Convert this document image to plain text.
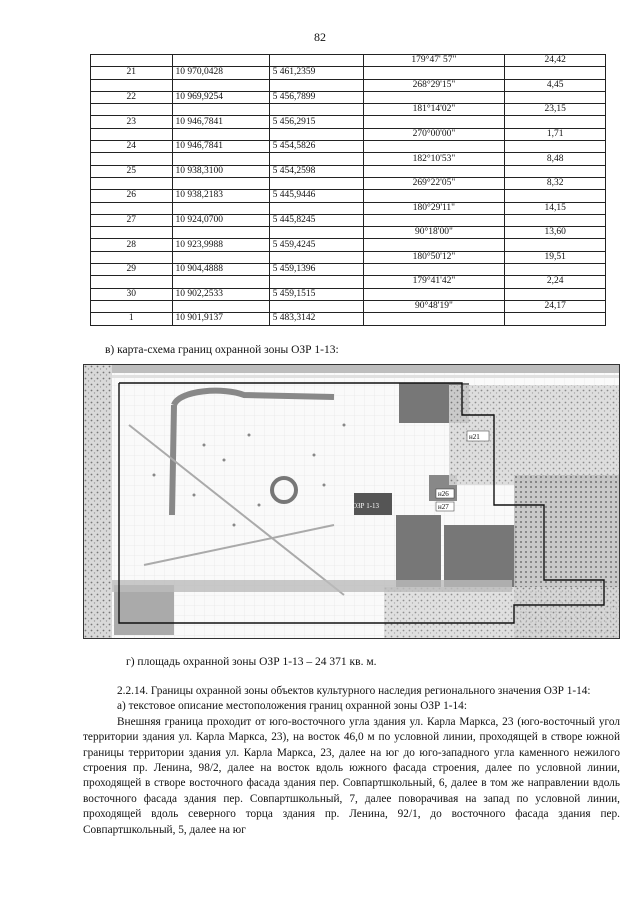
82
			179°47' 57"	24,42
21	10 970,0428	5 461,2359		
			268°29'15"	4,45
22	10 969,9254	5 456,7899		
			181°14'02"	23,15
23	10 946,7841	5 456,2915		
			270°00'00"	1,71
24	10 946,7841	5 454,5826		
			182°10'53"	8,48
25	10 938,3100	5 454,2598		
			269°22'05"	8,32
26	10 938,2183	5 445,9446		
			180°29'11"	14,15
27	10 924,0700	5 445,8245		
			90°18'00"	13,60
28	10 923,9988	5 459,4245		
			180°50'12"	19,51
29	10 904,4888	5 459,1396		
			179°41'42"	2,24
30	10 902,2533	5 459,1515		
			90°48'19"	24,17
1	10 901,9137	5 483,3142		
в) карта-схема границ охранной зоны ОЗР 1-13:
н21
н26
н27
ОЗР 1-13
г) площадь охранной зоны ОЗР 1-13 – 24 371 кв. м.

2.2.14. Границы охранной зоны объектов культурного наследия регионального значения ОЗР 1-14:

а) текстовое описание местоположения границ охранной зоны ОЗР 1-14:

Внешняя граница проходит от юго-восточного угла здания ул. Карла Маркса, 23 (юго-восточный угол территории здания ул. Карла Маркса, 23), на восток 46,0 м по условной линии, проходящей в створе южной границы территории здания ул. Карла Маркса, 23, далее на юг до юго-западного угла каменного нежилого строения пр. Ленина, 98/2, далее на восток вдоль южного фасада строения, далее по условной линии, проходящей в створе восточного фасада здания пер. Совпартшкольный, 6, далее в том же направлении вдоль восточного фасада здания пер. Совпартшкольный, 7, далее поворачивая на запад по условной линии, проходящей вдоль северного торца здания пр. Ленина, 92/1, до восточного фасада здания пер. Совпартшкольный, 5, далее на юг
